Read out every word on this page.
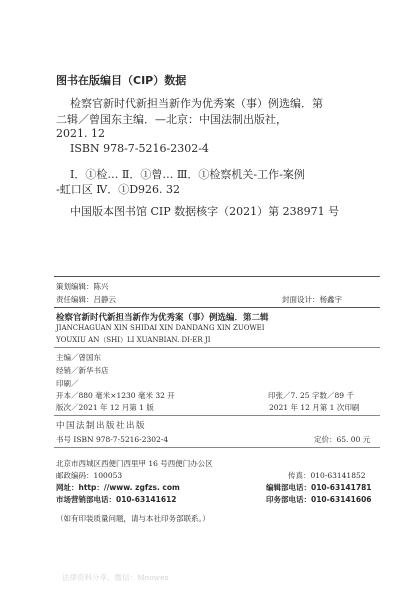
图书在版编目（CIP）数据
检察官新时代新担当新作为优秀案（事）例选编．第
二辑／曾国东主编．—北京：中国法制出版社，
2021. 12
ISBN 978-7-5216-2302-4
Ⅰ．①检… Ⅱ．①曾… Ⅲ．①检察机关-工作-案例
-虹口区 Ⅳ．①D926. 32
中国版本图书馆 CIP 数据核字（2021）第 238971 号
策划编辑：陈兴
责任编辑：吕静云	封面设计：杨鑫宇
检察官新时代新担当新作为优秀案（事）例选编．第二辑
JIANCHAGUAN XIN SHIDAI XIN DANDANG XIN ZUOWEI
YOUXIU AN（SHI）LI XUANBIAN. DI-ER JI
主编／曾国东
经销／新华书店
印刷／
开本／880 毫米×1230 毫米 32 开	印张／7. 25 字数／89 千
版次／2021 年 12 月第 1 版	2021 年 12 月第 1 次印刷
中国法制出版社出版
书号 ISBN 978-7-5216-2302-4	定价：65. 00 元
北京市西城区西便门西里甲 16 号西便门办公区
邮政编码：100053	传真：010-63141852
网址：http：//www. zgfzs. com	编辑部电话：010-63141781
市场营销部电话：010-63141612	印务部电话：010-63141606
（如有印装质量问题，请与本社印务部联系。）
法律资料分享，微信：Meowex
